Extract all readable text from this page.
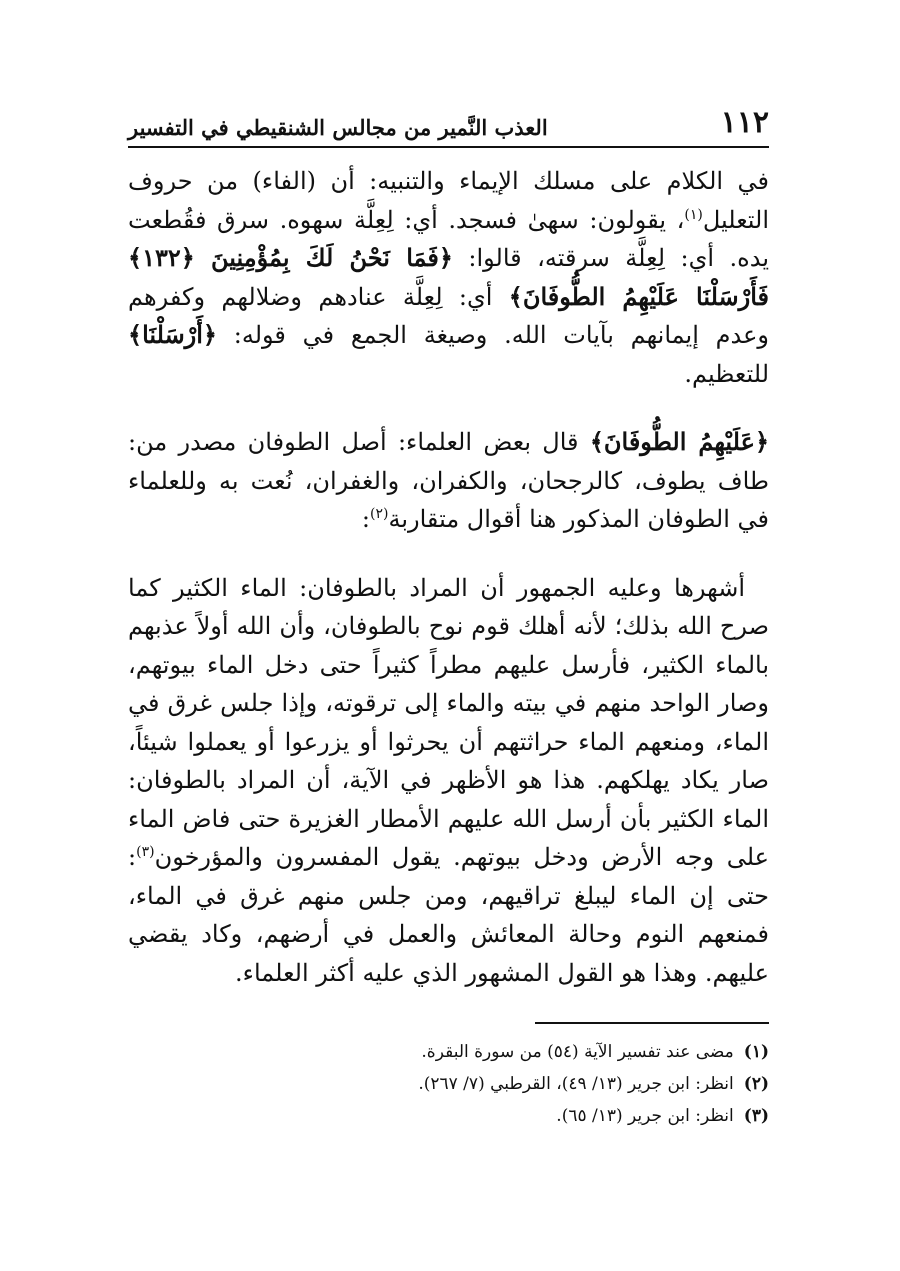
١١٢
العذب النَّمير من مجالس الشنقيطي في التفسير

في الكلام على مسلك الإيماء والتنبيه: أن (الفاء) من حروف التعليل$^{(١)}$، يقولون: سهىٰ فسجد. أي: لِعِلَّة سهوه. سرق فقُطعت يده. أي: لِعِلَّة سرقته، قالوا: ﴿فَمَا نَحْنُ لَكَ بِمُؤْمِنِينَ ﴿١٣٢﴾ فَأَرْسَلْنَا عَلَيْهِمُ الطُّوفَانَ﴾ أي: لِعِلَّة عنادهم وضلالهم وكفرهم وعدم إيمانهم بآيات الله. وصيغة الجمع في قوله: ﴿أَرْسَلْنَا﴾ للتعظيم.

﴿عَلَيْهِمُ الطُّوفَانَ﴾ قال بعض العلماء: أصل الطوفان مصدر من: طاف يطوف، كالرجحان، والكفران، والغفران، نُعت به وللعلماء في الطوفان المذكور هنا أقوال متقاربة$^{(٢)}$:

أشهرها وعليه الجمهور أن المراد بالطوفان: الماء الكثير كما صرح الله بذلك؛ لأنه أهلك قوم نوح بالطوفان، وأن الله أولاً عذبهم بالماء الكثير، فأرسل عليهم مطراً كثيراً حتى دخل الماء بيوتهم، وصار الواحد منهم في بيته والماء إلى ترقوته، وإذا جلس غرق في الماء، ومنعهم الماء حراثتهم أن يحرثوا أو يزرعوا أو يعملوا شيئاً، صار يكاد يهلكهم. هذا هو الأظهر في الآية، أن المراد بالطوفان: الماء الكثير بأن أرسل الله عليهم الأمطار الغزيرة حتى فاض الماء على وجه الأرض ودخل بيوتهم. يقول المفسرون والمؤرخون$^{(٣)}$: حتى إن الماء ليبلغ تراقيهم، ومن جلس منهم غرق في الماء، فمنعهم النوم وحالة المعائش والعمل في أرضهم، وكاد يقضي عليهم. وهذا هو القول المشهور الذي عليه أكثر العلماء.

(١)
مضى عند تفسير الآية (٥٤) من سورة البقرة.
(٢)
انظر: ابن جرير (١٣/ ٤٩)، القرطبي (٧/ ٢٦٧).
(٣)
انظر: ابن جرير (١٣/ ٦٥).
